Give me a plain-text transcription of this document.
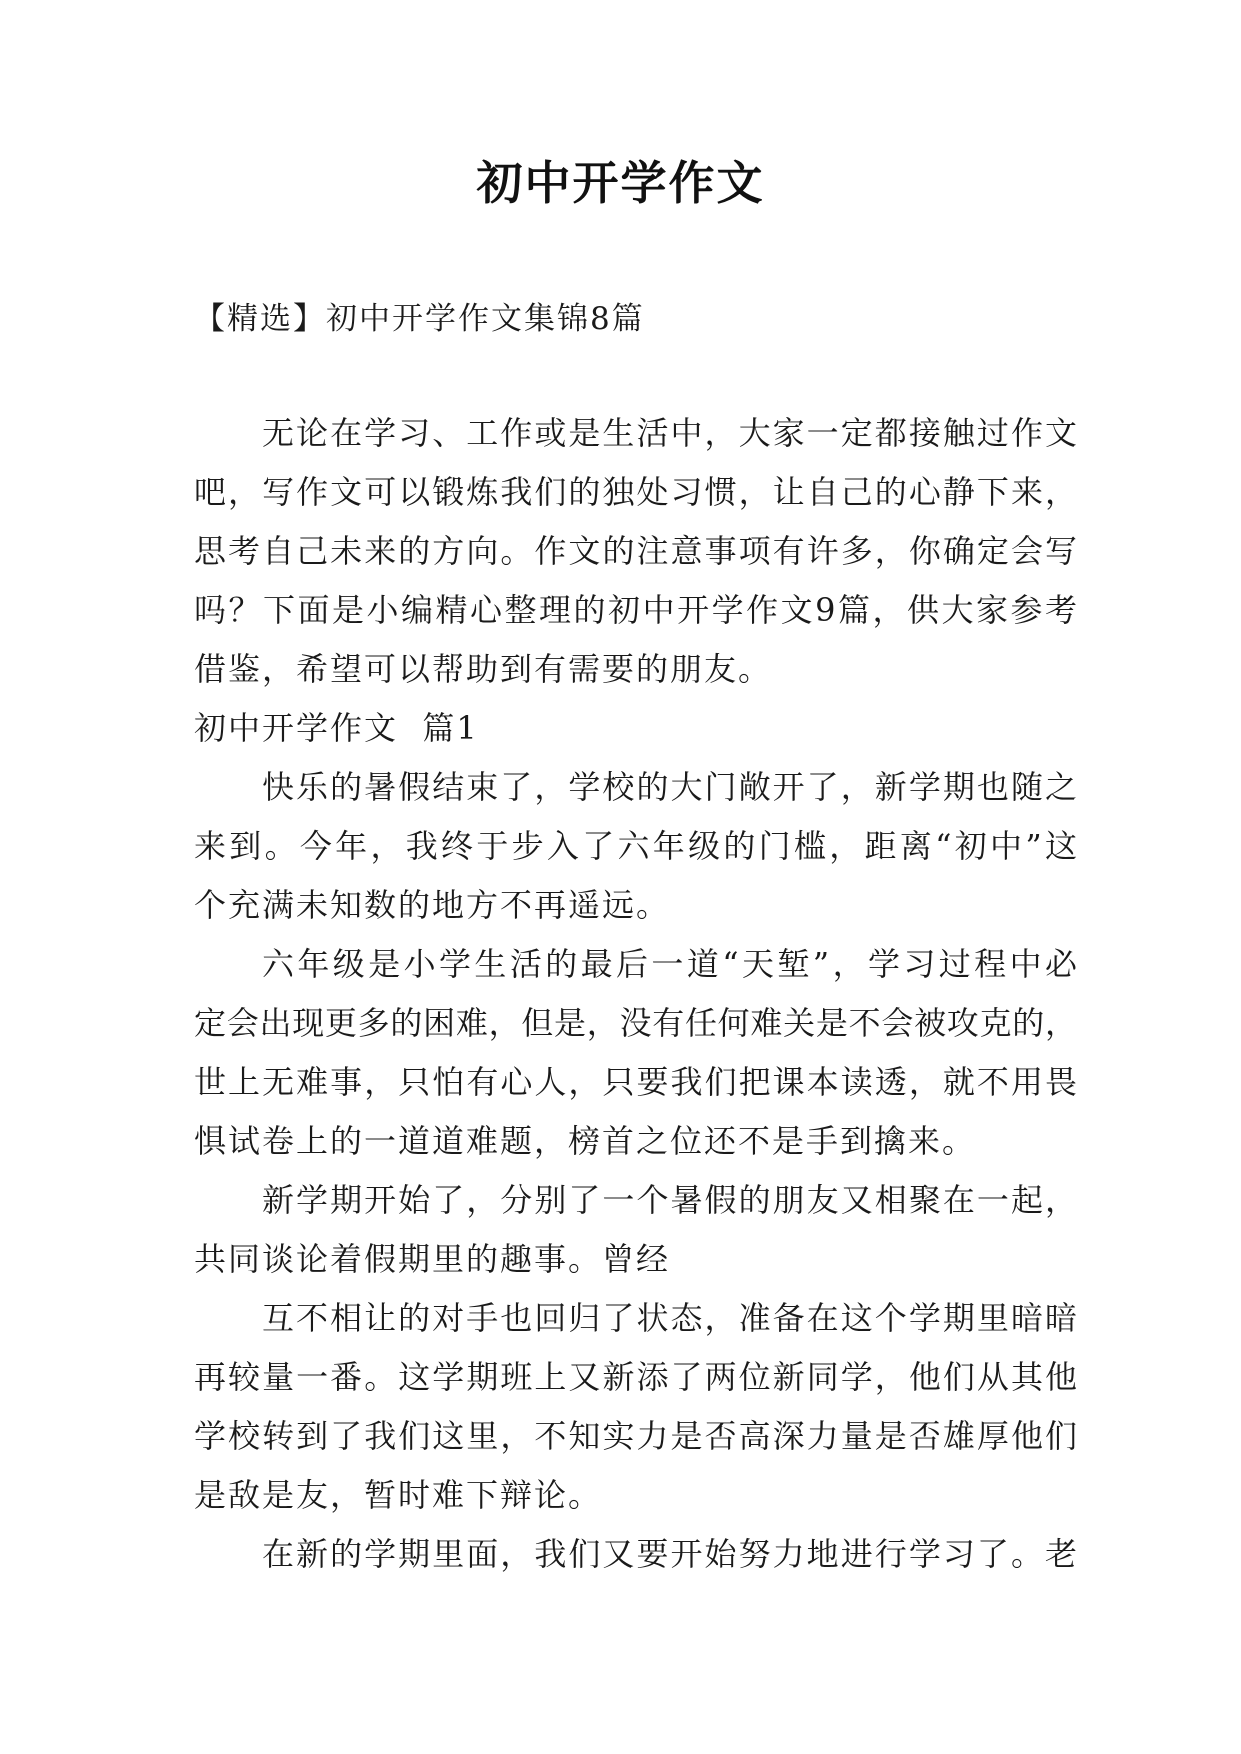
初中开学作文
【精选】初中开学作文集锦8篇
无论在学习、工作或是生活中，大家一定都接触过作文
吧，写作文可以锻炼我们的独处习惯，让自己的心静下来，
思考自己未来的方向。作文的注意事项有许多，你确定会写
吗？下面是小编精心整理的初中开学作文9篇，供大家参考
借鉴，希望可以帮助到有需要的朋友。
初中开学作文  篇1
快乐的暑假结束了，学校的大门敞开了，新学期也随之
来到。今年，我终于步入了六年级的门槛，距离“初中”这
个充满未知数的地方不再遥远。
六年级是小学生活的最后一道“天堑”，学习过程中必
定会出现更多的困难，但是，没有任何难关是不会被攻克的，
世上无难事，只怕有心人，只要我们把课本读透，就不用畏
惧试卷上的一道道难题，榜首之位还不是手到擒来。
新学期开始了，分别了一个暑假的朋友又相聚在一起，
共同谈论着假期里的趣事。曾经
互不相让的对手也回归了状态，准备在这个学期里暗暗
再较量一番。这学期班上又新添了两位新同学，他们从其他
学校转到了我们这里，不知实力是否高深力量是否雄厚他们
是敌是友，暂时难下辩论。
在新的学期里面，我们又要开始努力地进行学习了。老
